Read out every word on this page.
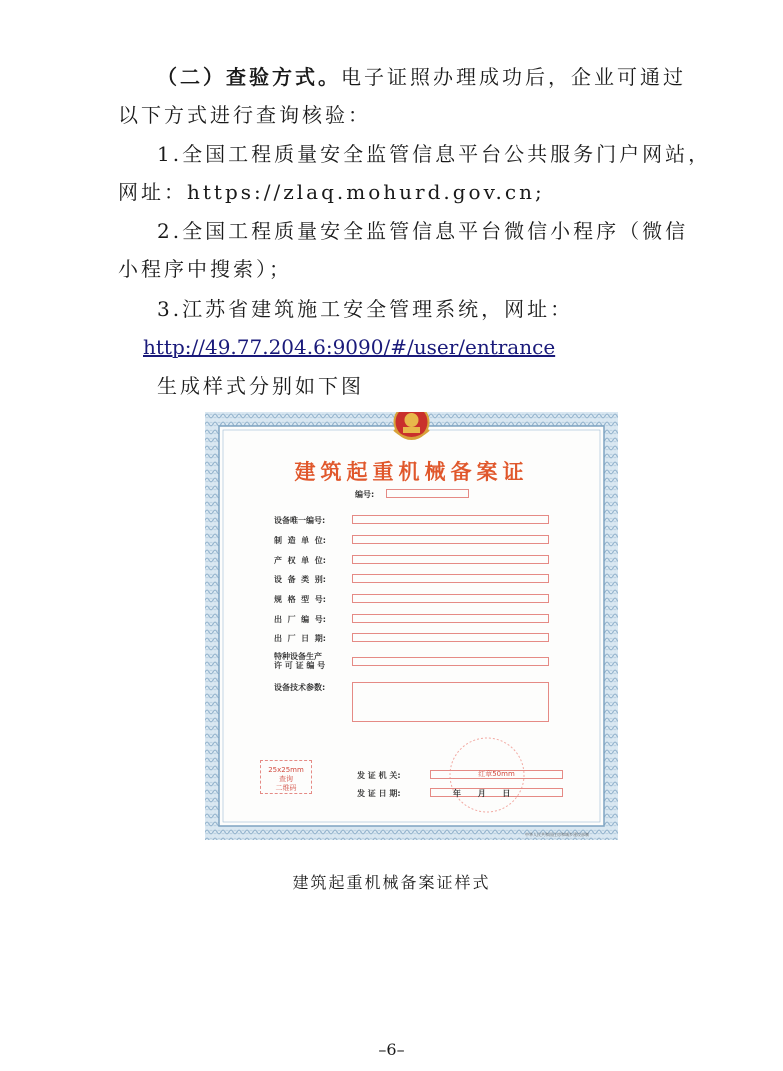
（二）查验方式。电子证照办理成功后，企业可通过
以下方式进行查询核验：
1.全国工程质量安全监管信息平台公共服务门户网站，
网址：https://zlaq.mohurd.gov.cn;
2.全国工程质量安全监管信息平台微信小程序（微信
小程序中搜索）；
3.江苏省建筑施工安全管理系统，网址：
http://49.77.204.6:9090/#/user/entrance
生成样式分别如下图
建筑起重机械备案证
编号:
设备唯一编号:
制  造  单  位:
产  权  单  位:
设  备  类  别:
规  格  型  号:
出  厂  编  号:
出  厂  日  期:
特种设备生产
许 可 证 编 号
设备技术参数:
25x25mm
查询
二维码
发 证 机 关:	红章50mm
发 证 日 期:	年      月      日
中华人民共和国住房和城乡建设部制
建筑起重机械备案证样式
–6–
